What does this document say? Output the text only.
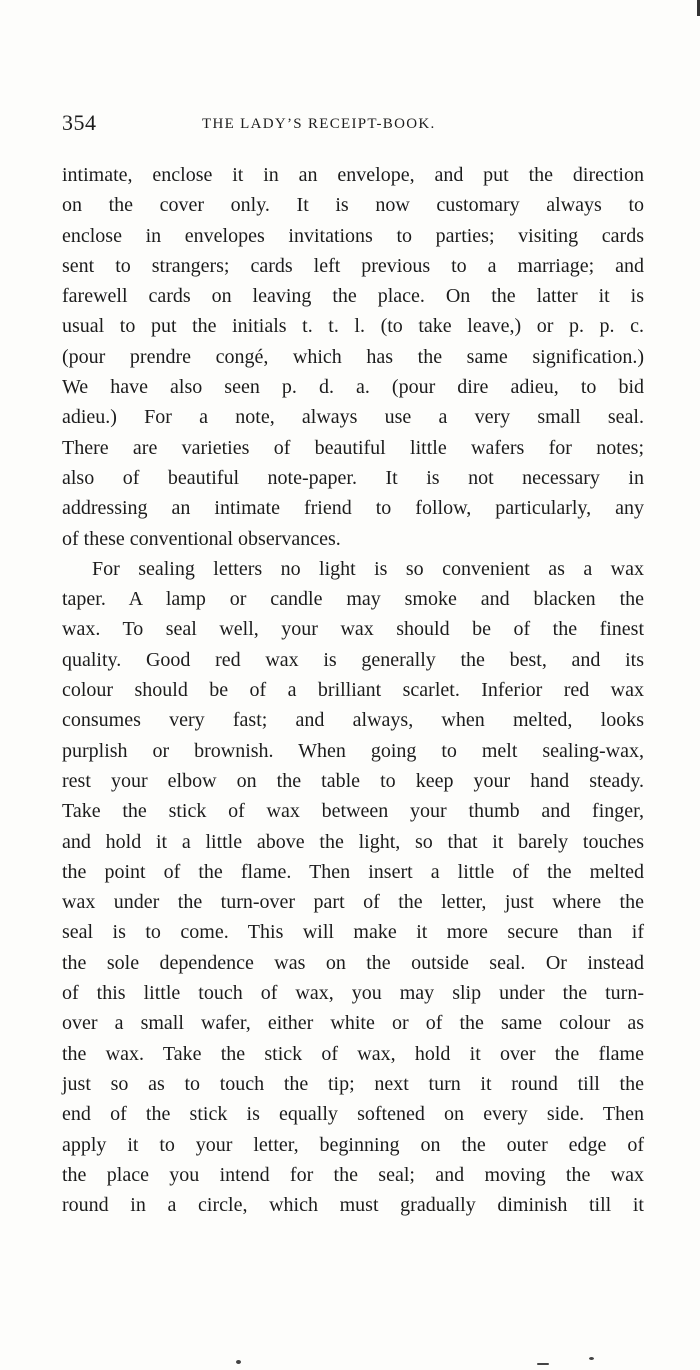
354	THE LADY’S RECEIPT-BOOK.
intimate, enclose it in an envelope, and put the direction
on the cover only. It is now customary always to
enclose in envelopes invitations to parties; visiting cards
sent to strangers; cards left previous to a marriage; and
farewell cards on leaving the place. On the latter it is
usual to put the initials t. t. l. (to take leave,) or p. p. c.
(pour prendre congé, which has the same signification.)
We have also seen p. d. a. (pour dire adieu, to bid
adieu.) For a note, always use a very small seal.
There are varieties of beautiful little wafers for notes;
also of beautiful note-paper. It is not necessary in
addressing an intimate friend to follow, particularly, any
of these conventional observances.
For sealing letters no light is so convenient as a wax
taper. A lamp or candle may smoke and blacken the
wax. To seal well, your wax should be of the finest
quality. Good red wax is generally the best, and its
colour should be of a brilliant scarlet. Inferior red wax
consumes very fast; and always, when melted, looks
purplish or brownish. When going to melt sealing-wax,
rest your elbow on the table to keep your hand steady.
Take the stick of wax between your thumb and finger,
and hold it a little above the light, so that it barely touches
the point of the flame. Then insert a little of the melted
wax under the turn-over part of the letter, just where the
seal is to come. This will make it more secure than if
the sole dependence was on the outside seal. Or instead
of this little touch of wax, you may slip under the turn-
over a small wafer, either white or of the same colour as
the wax. Take the stick of wax, hold it over the flame
just so as to touch the tip; next turn it round till the
end of the stick is equally softened on every side. Then
apply it to your letter, beginning on the outer edge of
the place you intend for the seal; and moving the wax
round in a circle, which must gradually diminish till it
